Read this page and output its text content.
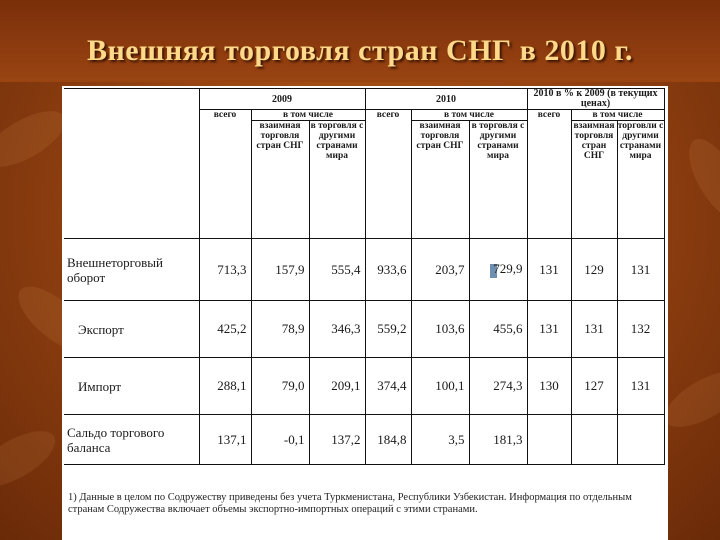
Внешняя торговля стран СНГ в 2010 г.
	2009			2010			2010 в % к 2009 (в текущих ценах)		
	всего	в том числе		всего	в том числе		всего	в том числе	
		взаимная торговля стран СНГ	в торговля с другими странами мира		взаимная торговля стран СНГ	в торговля с другими странами мира		взаимная торговля стран СНГ	торговли с другими странами мира
Внешнеторговый оборот	713,3	157,9	555,4	933,6	203,7	729,9	131	129	131
Экспорт	425,2	78,9	346,3	559,2	103,6	455,6	131	131	132
Импорт	288,1	79,0	209,1	374,4	100,1	274,3	130	127	131
Сальдо торгового баланса	137,1	-0,1	137,2	184,8	3,5	181,3			
1) Данные в целом по Содружеству приведены без учета Туркменистана, Республики Узбекистан. Информация по отдельным странам Содружества включает объемы экспортно-импортных операций с этими странами.
